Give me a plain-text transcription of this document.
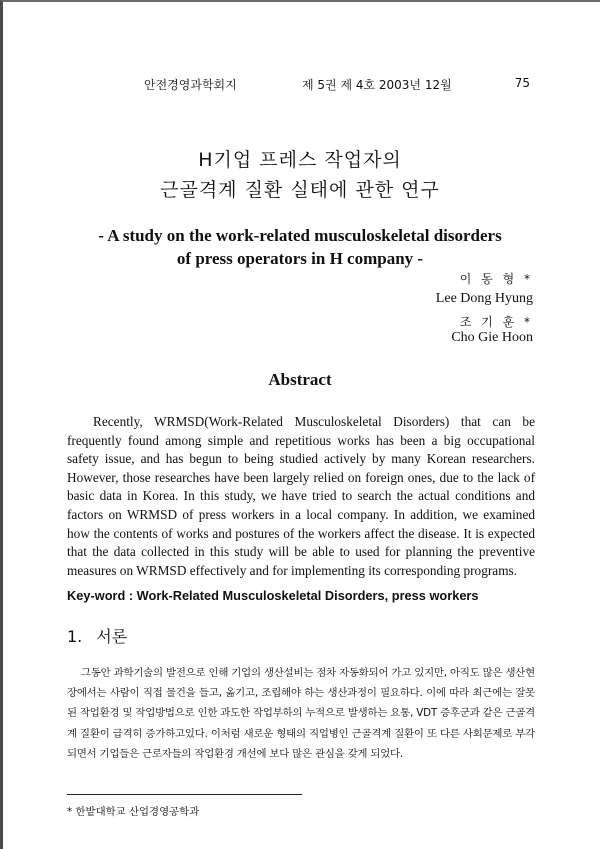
안전경영과학회지	제 5권 제 4호 2003년 12월	75
H기업 프레스 작업자의
근골격계 질환 실태에 관한 연구
- A study on the work-related musculoskeletal disorders
of press operators in H company -
이 동 형 *
Lee Dong Hyung
조 기 훈 *
Cho Gie Hoon
Abstract

Recently, WRMSD(Work-Related Musculoskeletal Disorders) that can be frequently found among simple and repetitious works has been a big occupational safety issue, and has begun to being studied actively by many Korean researchers. However, those researches have been largely relied on foreign ones, due to the lack of basic data in Korea. In this study, we have tried to search the actual conditions and factors on WRMSD of press workers in a local company. In addition, we examined how the contents of works and postures of the workers affect the disease. It is expected that the data collected in this study will be able to used for planning the preventive measures on WRMSD effectively and for implementing its corresponding programs.

Key-word : Work-Related Musculoskeletal Disorders, press workers
1. 서론

그동안 과학기술의 발전으로 인해 기업의 생산설비는 점차 자동화되어 가고 있지만, 아직도 많은 생산현장에서는 사람이 직접 물건을 들고, 옮기고, 조립해야 하는 생산과정이 필요하다. 이에 따라 최근에는 잘못된 작업환경 및 작업방법으로 인한 과도한 작업부하의 누적으로 발생하는 요통, VDT 증후군과 같은 근골격계 질환이 급격히 증가하고있다. 이처럼 새로운 형태의 직업병인 근골격계 질환이 또 다른 사회문제로 부각되면서 기업들은 근로자들의 작업환경 개선에 보다 많은 관심을 갖게 되었다.

* 한밭대학교 산업경영공학과
